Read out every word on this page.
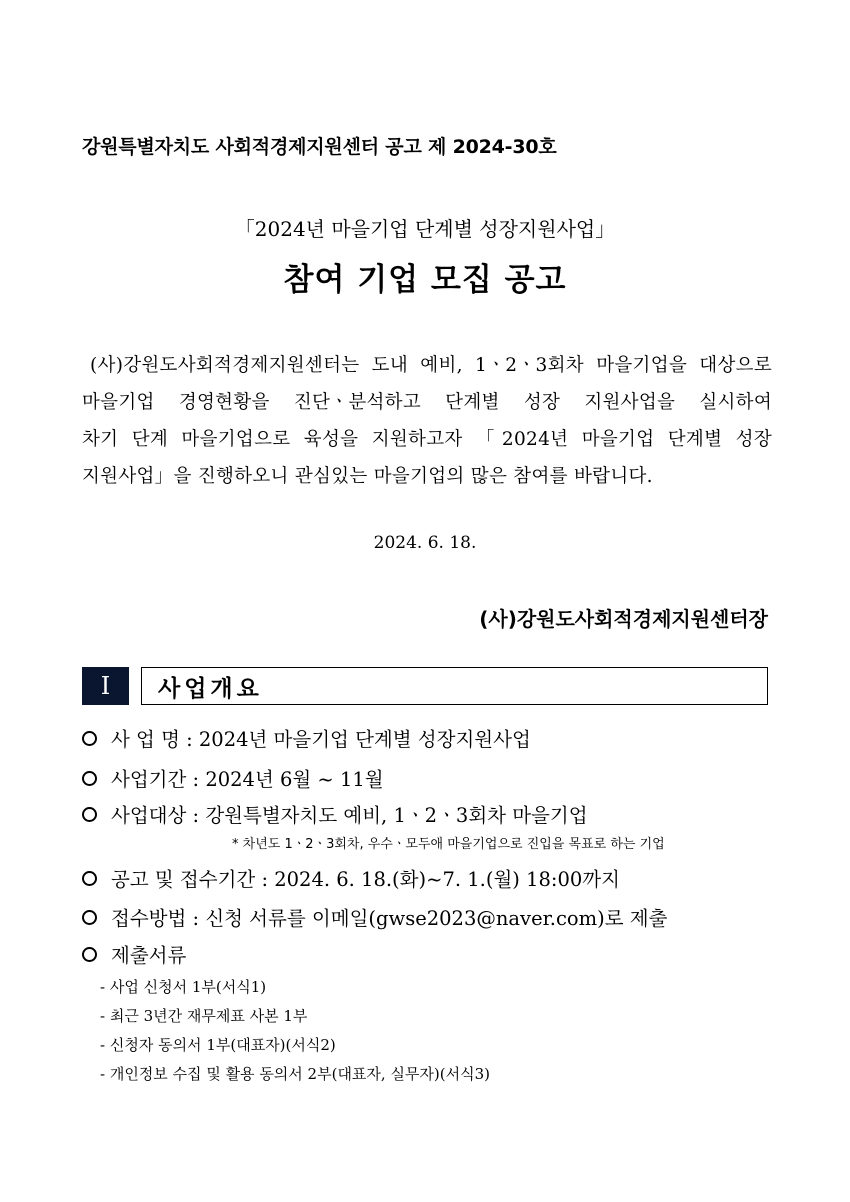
강원특별자치도 사회적경제지원센터 공고 제 2024-30호
「2024년 마을기업 단계별 성장지원사업」
참여 기업 모집 공고
(사)강원도사회적경제지원센터는 도내 예비, 1ㆍ2ㆍ3회차 마을기업을 대상으로
마을기업 경영현황을 진단ㆍ분석하고 단계별 성장 지원사업을 실시하여
차기 단계 마을기업으로 육성을 지원하고자 「2024년 마을기업 단계별 성장
지원사업」을 진행하오니 관심있는 마을기업의 많은 참여를 바랍니다.
2024. 6. 18.
(사)강원도사회적경제지원센터장
Ⅰ	사업개요
사 업 명 : 2024년 마을기업 단계별 성장지원사업
사업기간 : 2024년 6월 ~ 11월
사업대상 : 강원특별자치도 예비, 1ㆍ2ㆍ3회차 마을기업
* 차년도 1ㆍ2ㆍ3회차, 우수ㆍ모두애 마을기업으로 진입을 목표로 하는 기업
공고 및 접수기간 : 2024. 6. 18.(화)~7. 1.(월) 18:00까지
접수방법 : 신청 서류를 이메일(gwse2023@naver.com)로 제출
제출서류
- 사업 신청서 1부(서식1)
- 최근 3년간 재무제표 사본 1부
- 신청자 동의서 1부(대표자)(서식2)
- 개인정보 수집 및 활용 동의서 2부(대표자, 실무자)(서식3)
